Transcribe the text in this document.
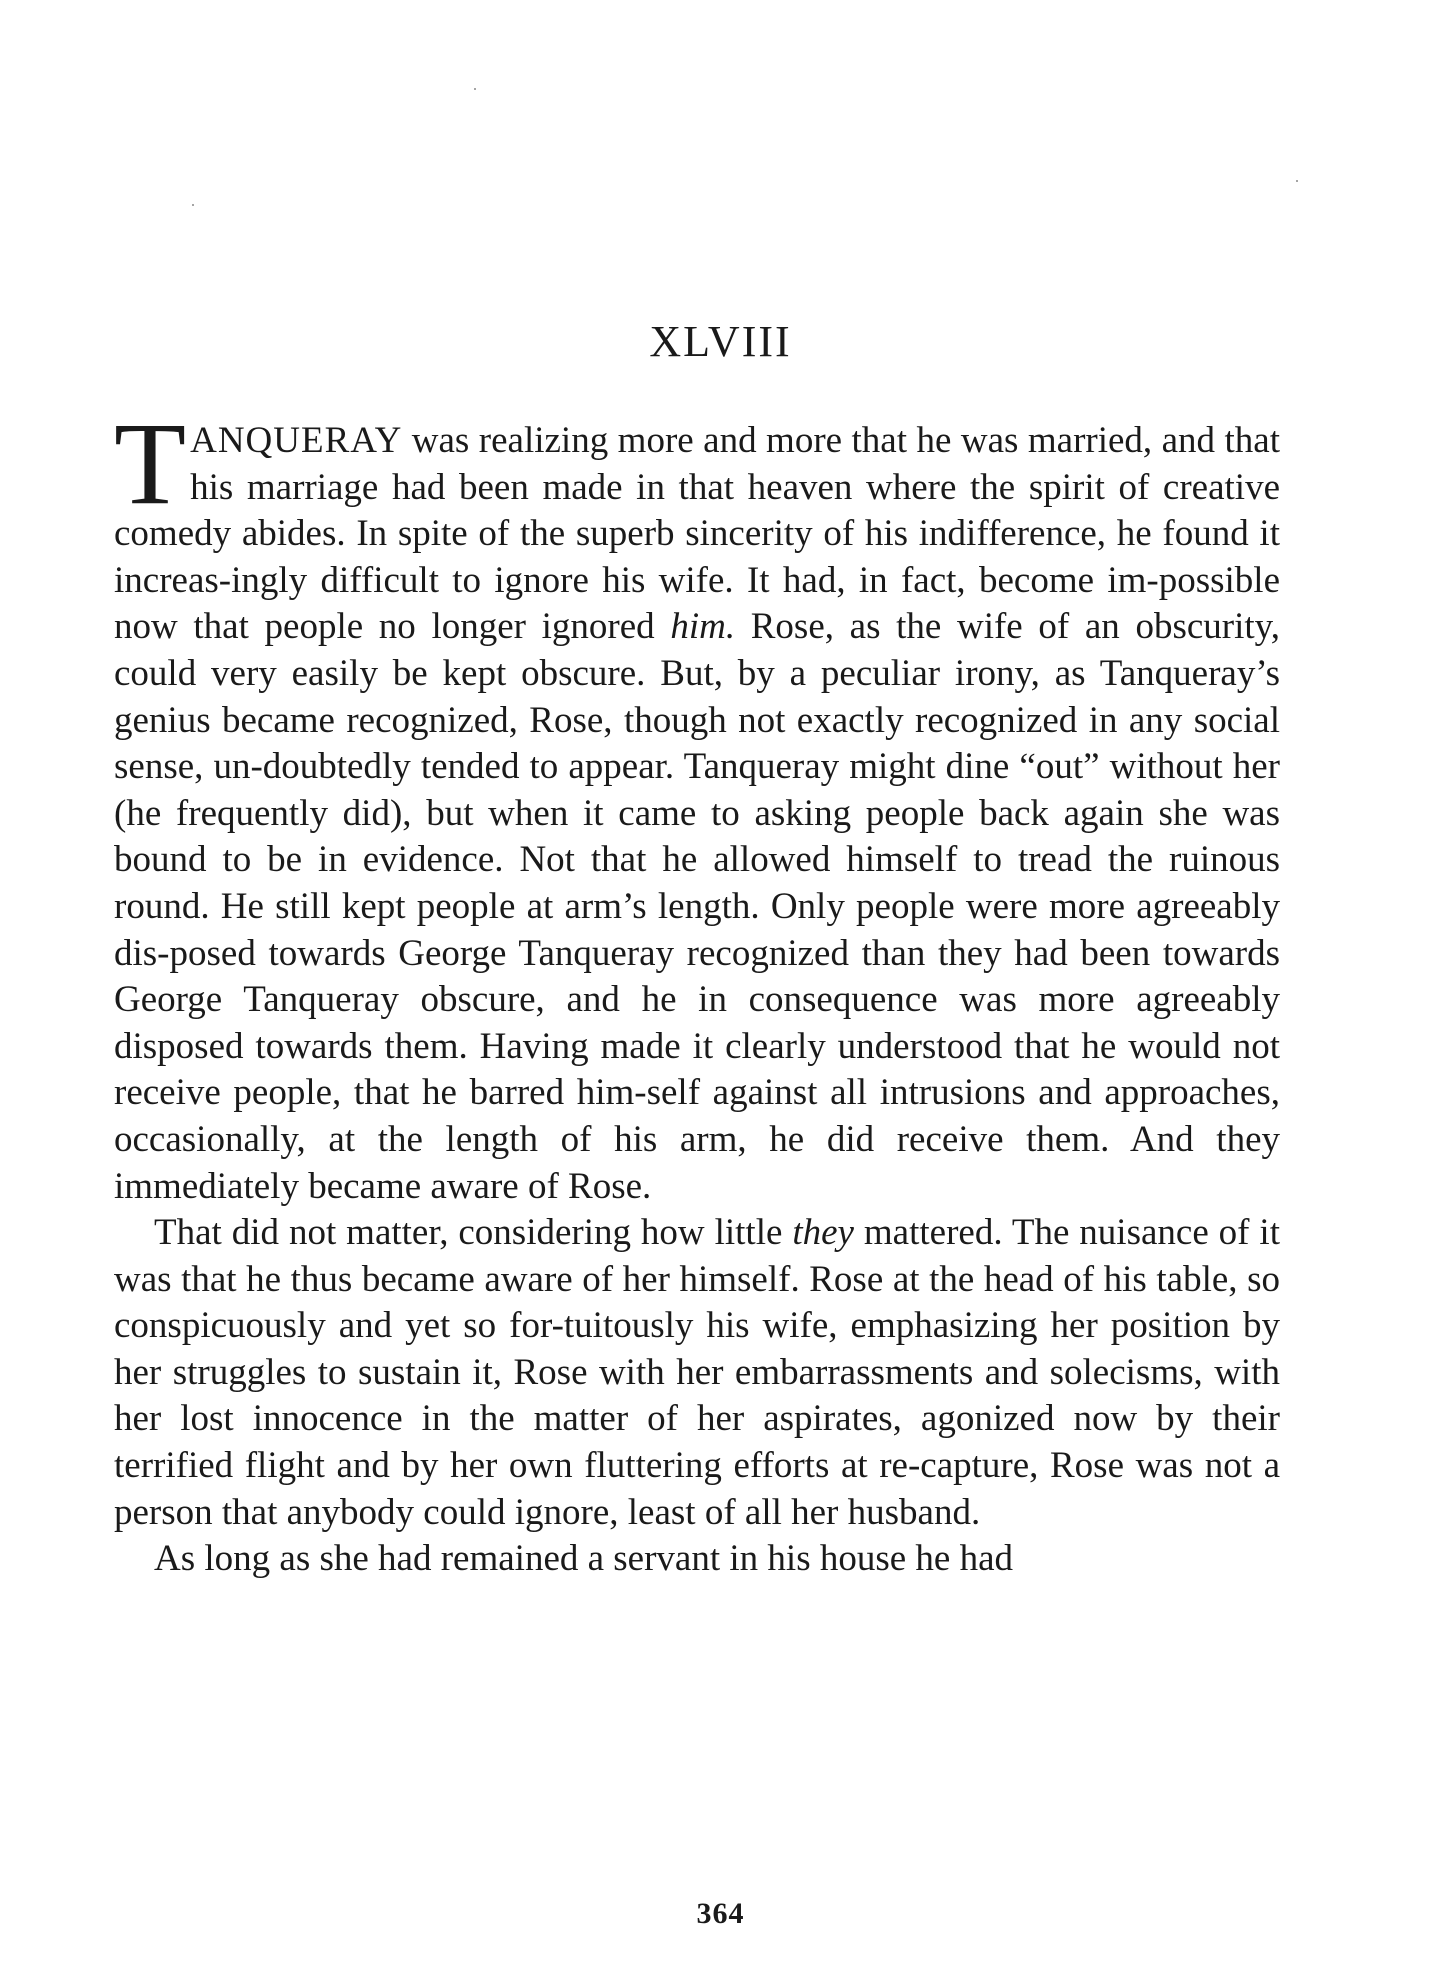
XLVIII

TANQUERAY was realizing more and more that he was married, and that his marriage had been made in that heaven where the spirit of creative comedy abides. In spite of the superb sincerity of his indifference, he found it increas-ingly difficult to ignore his wife. It had, in fact, become im-possible now that people no longer ignored him. Rose, as the wife of an obscurity, could very easily be kept obscure. But, by a peculiar irony, as Tanqueray’s genius became recognized, Rose, though not exactly recognized in any social sense, un-doubtedly tended to appear. Tanqueray might dine “out” without her (he frequently did), but when it came to asking people back again she was bound to be in evidence. Not that he allowed himself to tread the ruinous round. He still kept people at arm’s length. Only people were more agreeably dis-posed towards George Tanqueray recognized than they had been towards George Tanqueray obscure, and he in consequence was more agreeably disposed towards them. Having made it clearly understood that he would not receive people, that he barred him-self against all intrusions and approaches, occasionally, at the length of his arm, he did receive them. And they immediately became aware of Rose.

That did not matter, considering how little they mattered. The nuisance of it was that he thus became aware of her himself. Rose at the head of his table, so conspicuously and yet so for-tuitously his wife, emphasizing her position by her struggles to sustain it, Rose with her embarrassments and solecisms, with her lost innocence in the matter of her aspirates, agonized now by their terrified flight and by her own fluttering efforts at re-capture, Rose was not a person that anybody could ignore, least of all her husband.

As long as she had remained a servant in his house he had

364
